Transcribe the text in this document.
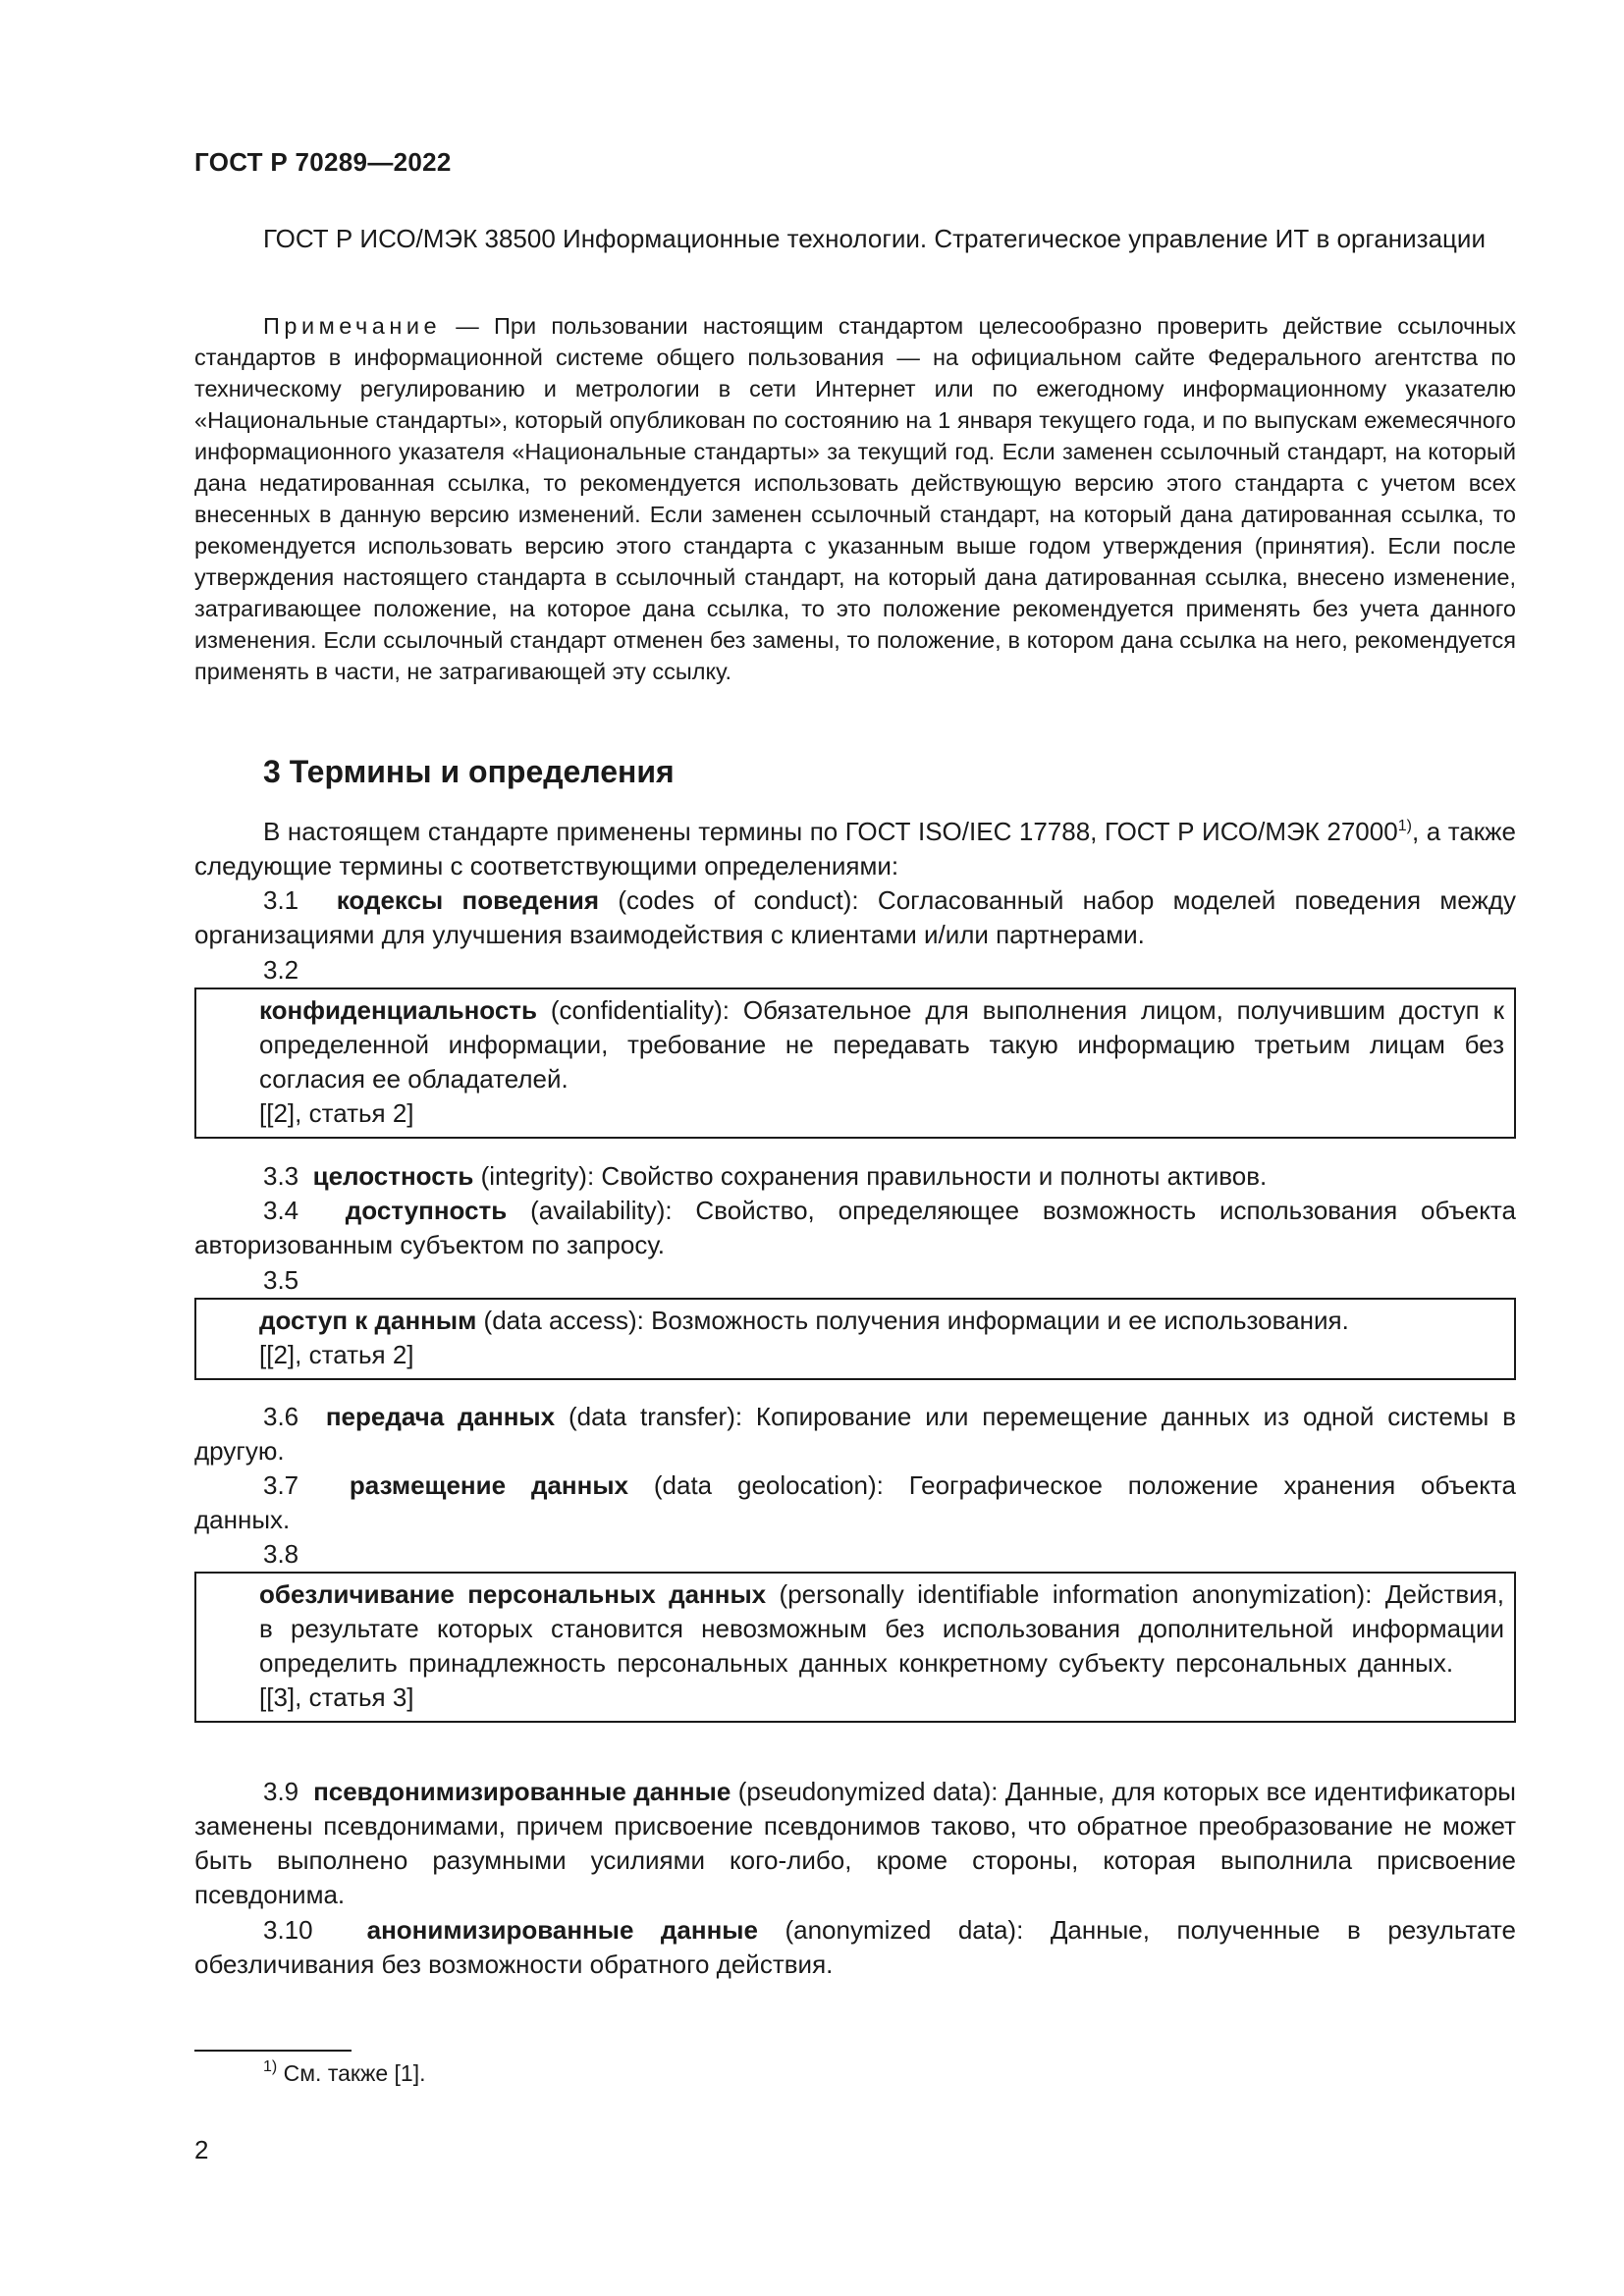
ГОСТ Р 70289—2022

ГОСТ Р ИСО/МЭК 38500 Информационные технологии. Стратегическое управление ИТ в организации

Примечание — При пользовании настоящим стандартом целесообразно проверить действие ссылочных стандартов в информационной системе общего пользования — на официальном сайте Федерального агентства по техническому регулированию и метрологии в сети Интернет или по ежегодному информационному указателю «Национальные стандарты», который опубликован по состоянию на 1 января текущего года, и по выпускам ежемесячного информационного указателя «Национальные стандарты» за текущий год. Если заменен ссылочный стандарт, на который дана недатированная ссылка, то рекомендуется использовать действующую версию этого стандарта с учетом всех внесенных в данную версию изменений. Если заменен ссылочный стандарт, на который дана датированная ссылка, то рекомендуется использовать версию этого стандарта с указанным выше годом утверждения (принятия). Если после утверждения настоящего стандарта в ссылочный стандарт, на который дана датированная ссылка, внесено изменение, затрагивающее положение, на которое дана ссылка, то это положение рекомендуется применять без учета данного изменения. Если ссылочный стандарт отменен без замены, то положение, в котором дана ссылка на него, рекомендуется применять в части, не затрагивающей эту ссылку.

3 Термины и определения

В настоящем стандарте применены термины по ГОСТ ISO/IEC 17788, ГОСТ Р ИСО/МЭК 27000$^{1)}$, а также следующие термины с соответствующими определениями:

3.1 кодексы поведения (codes of conduct): Согласованный набор моделей поведения между организациями для улучшения взаимодействия с клиентами и/или партнерами.

3.2

конфиденциальность (confidentiality): Обязательное для выполнения лицом, получившим доступ к определенной информации, требование не передавать такую информацию третьим лицам без согласия ее обладателей.

[[2], статья 2]

3.3 целостность (integrity): Свойство сохранения правильности и полноты активов.

3.4 доступность (availability): Свойство, определяющее возможность использования объекта авторизованным субъектом по запросу.

3.5

доступ к данным (data access): Возможность получения информации и ее использования.

[[2], статья 2]

3.6 передача данных (data transfer): Копирование или перемещение данных из одной системы в другую.

3.7 размещение данных (data geolocation): Географическое положение хранения объекта данных.

3.8

обезличивание персональных данных (personally identifiable information anonymization): Действия, в результате которых становится невозможным без использования дополнительной информации определить принадлежность персональных данных конкретному субъекту персональных данных.

[[3], статья 3]

3.9 псевдонимизированные данные (pseudonymized data): Данные, для которых все идентификаторы заменены псевдонимами, причем присвоение псевдонимов таково, что обратное преобразование не может быть выполнено разумными усилиями кого-либо, кроме стороны, которая выполнила присвоение псевдонима.

3.10 анонимизированные данные (anonymized data): Данные, полученные в результате обезличивания без возможности обратного действия.

$^{1)}$ См. также [1].
2
